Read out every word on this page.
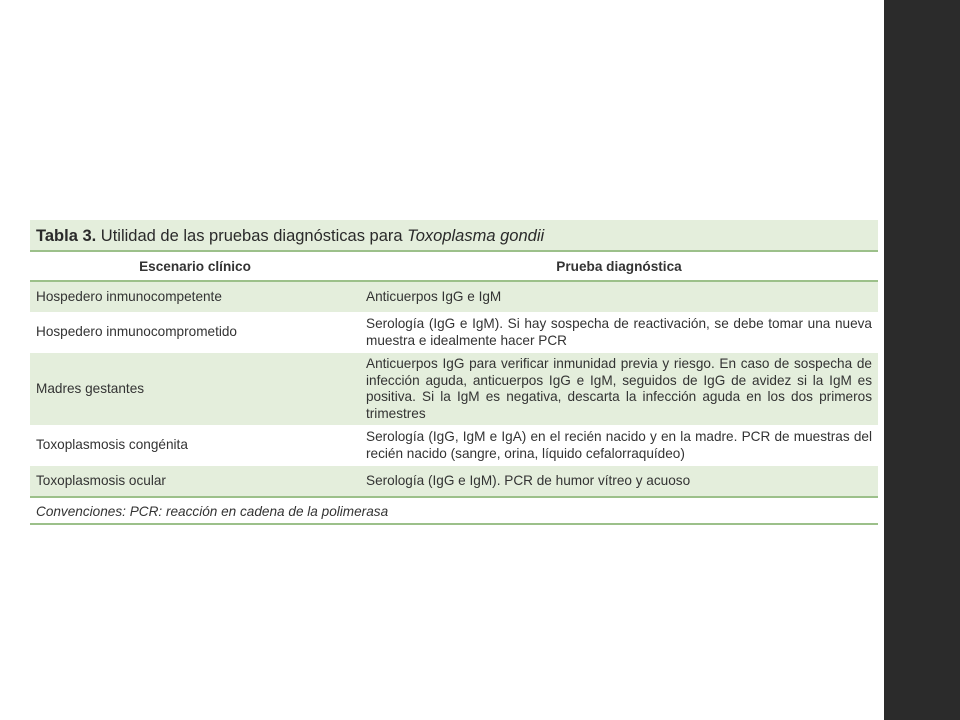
Tabla 3. Utilidad de las pruebas diagnósticas para Toxoplasma gondii
Escenario clínico	Prueba diagnóstica
Hospedero inmunocompetente	Anticuerpos IgG e IgM
Hospedero inmunocomprometido	Serología (IgG e IgM). Si hay sospecha de reactivación, se debe tomar una nueva muestra e idealmente hacer PCR
Madres gestantes	Anticuerpos IgG para verificar inmunidad previa y riesgo. En caso de sospecha de infección aguda, anticuerpos IgG e IgM, seguidos de IgG de avidez si la IgM es positiva. Si la IgM es negativa, descarta la infección aguda en los dos primeros trimestres
Toxoplasmosis congénita	Serología (IgG, IgM e IgA) en el recién nacido y en la madre. PCR de muestras del recién nacido (sangre, orina, líquido cefalorraquídeo)
Toxoplasmosis ocular	Serología (IgG e IgM). PCR de humor vítreo y acuoso
Convenciones: PCR: reacción en cadena de la polimerasa	
